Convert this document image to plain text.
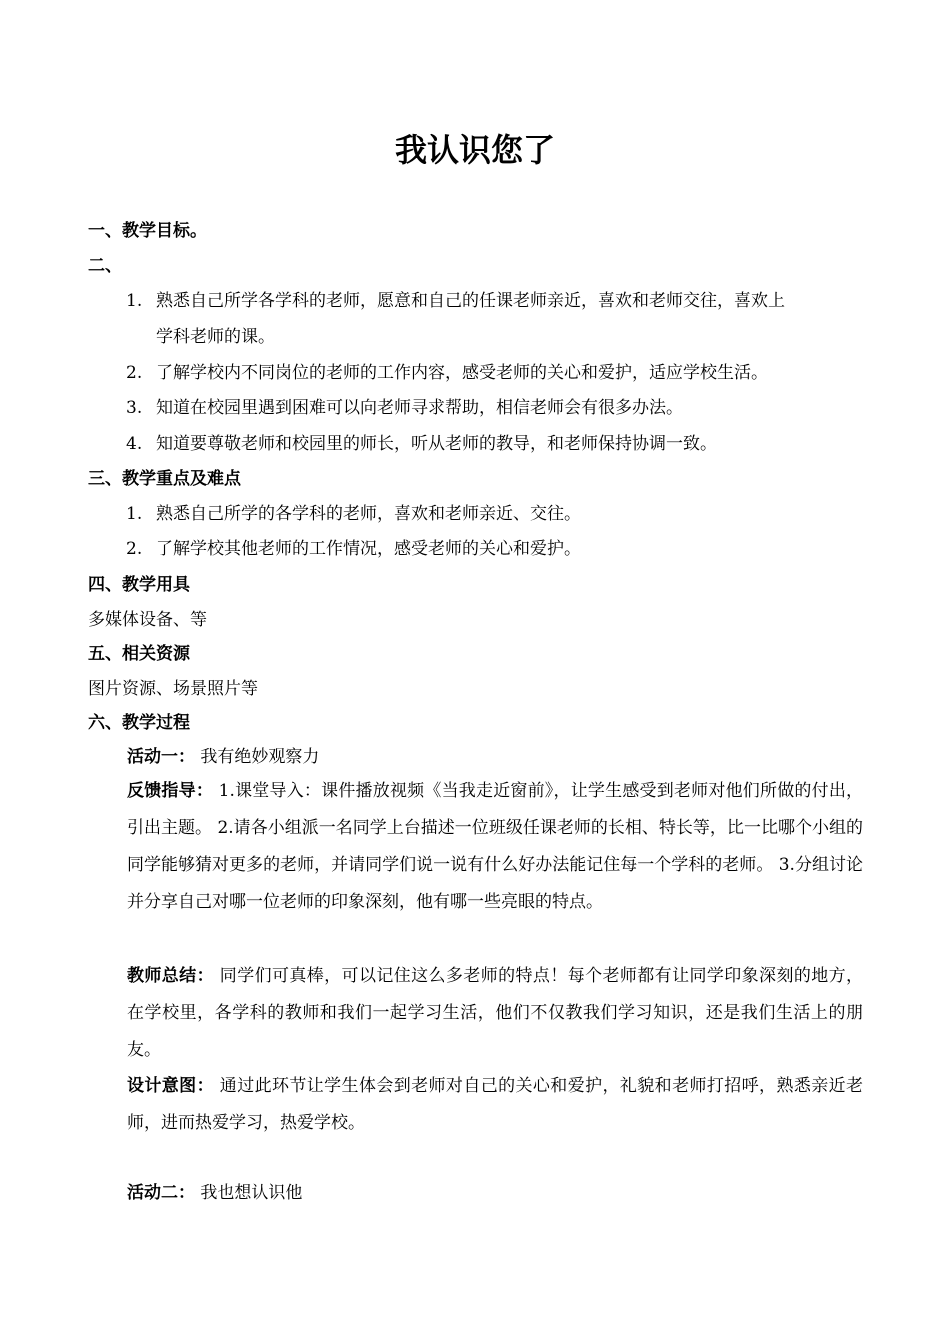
我认识您了
一、教学目标。
二、
1. 熟悉自己所学各学科的老师，愿意和自己的任课老师亲近，喜欢和老师交往，喜欢上
学科老师的课。
2. 了解学校内不同岗位的老师的工作内容，感受老师的关心和爱护，适应学校生活。
3. 知道在校园里遇到困难可以向老师寻求帮助，相信老师会有很多办法。
4. 知道要尊敬老师和校园里的师长，听从老师的教导，和老师保持协调一致。
三、教学重点及难点
1. 熟悉自己所学的各学科的老师，喜欢和老师亲近、交往。
2. 了解学校其他老师的工作情况，感受老师的关心和爱护。
四、教学用具
多媒体设备、等
五、相关资源
图片资源、场景照片等
六、教学过程
活动一： 我有绝妙观察力
反馈指导： 1.课堂导入：课件播放视频《当我走近窗前》，让学生感受到老师对他们所做的付出，引出主题。 2.请各小组派一名同学上台描述一位班级任课老师的长相、特长等，比一比哪个小组的同学能够猜对更多的老师，并请同学们说一说有什么好办法能记住每一个学科的老师。 3.分组讨论并分享自己对哪一位老师的印象深刻，他有哪一些亮眼的特点。
教师总结： 同学们可真棒，可以记住这么多老师的特点！每个老师都有让同学印象深刻的地方，在学校里，各学科的教师和我们一起学习生活，他们不仅教我们学习知识，还是我们生活上的朋友。
设计意图： 通过此环节让学生体会到老师对自己的关心和爱护，礼貌和老师打招呼，熟悉亲近老师，进而热爱学习，热爱学校。
活动二： 我也想认识他
